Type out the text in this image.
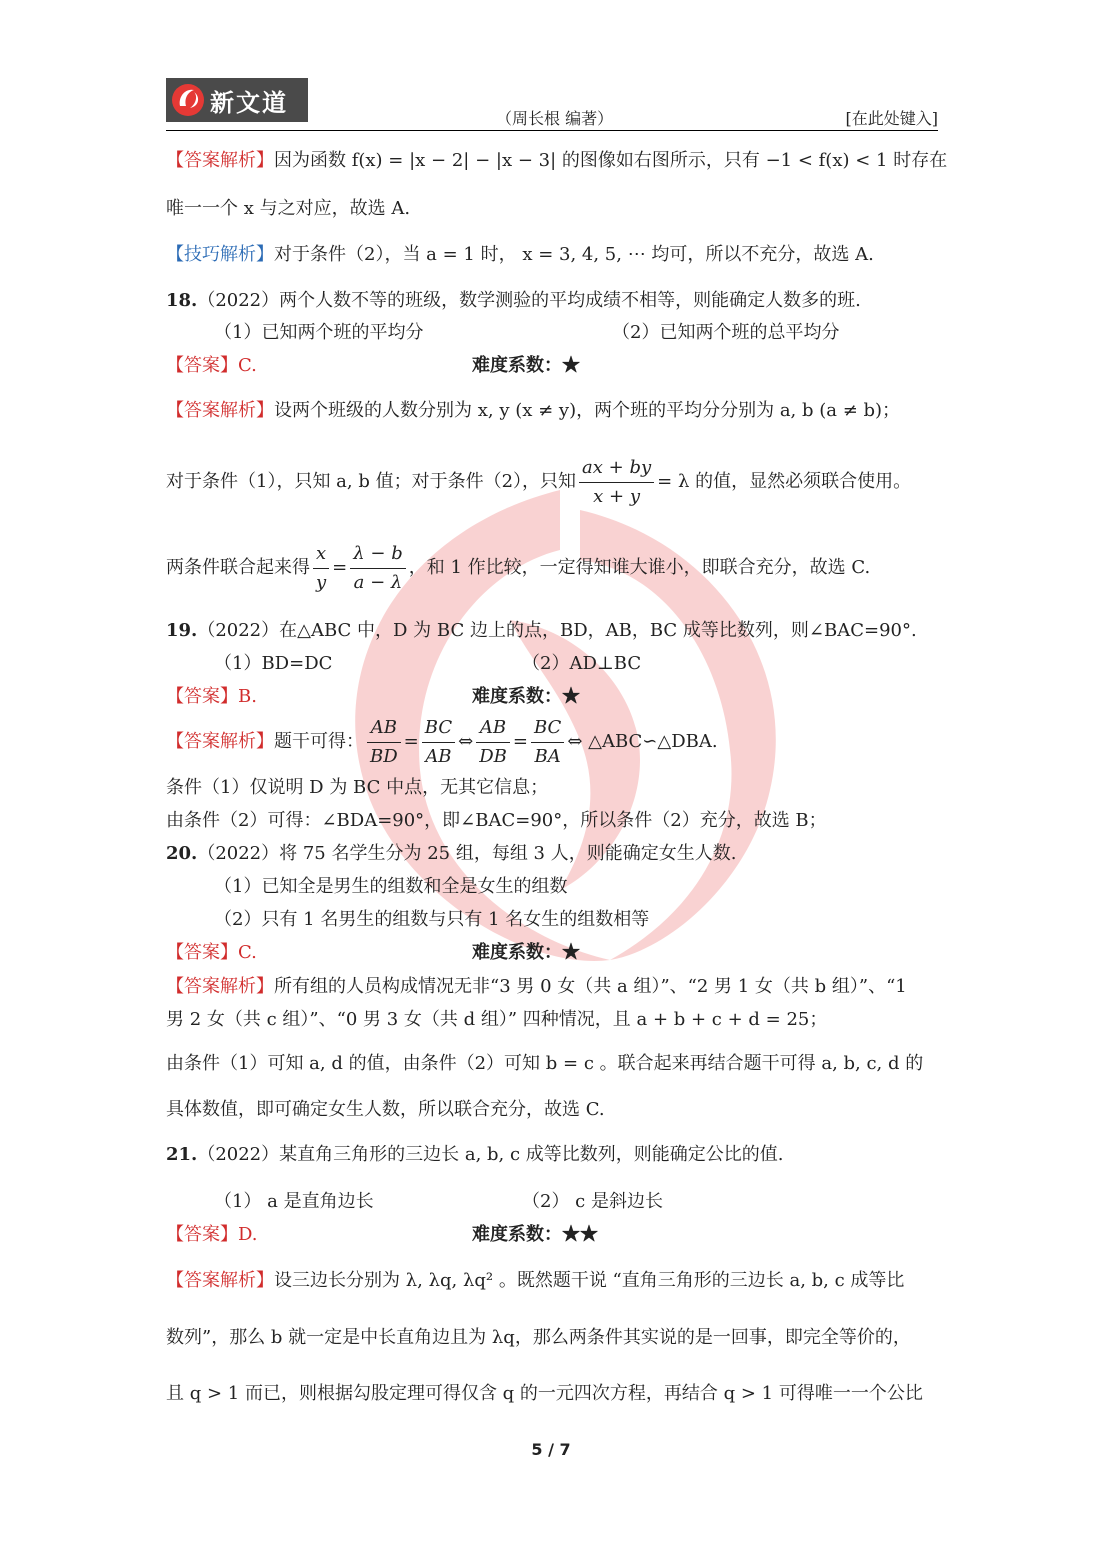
新文道
（周长根 编著）	[在此处键入]
【答案解析】因为函数 f(x) = |x − 2| − |x − 3| 的图像如右图所示，只有 −1 < f(x) < 1 时存在
唯一一个 x 与之对应，故选 A.
【技巧解析】对于条件（2），当 a = 1 时， x = 3, 4, 5, ⋯ 均可，所以不充分，故选 A.
18.（2022）两个人数不等的班级，数学测验的平均成绩不相等，则能确定人数多的班.
（1）已知两个班的平均分	（2）已知两个班的总平均分
【答案】C.	难度系数：★
【答案解析】设两个班级的人数分别为 x, y (x ≠ y)，两个班的平均分分别为 a, b (a ≠ b)；
对于条件（1），只知 a, b 值；对于条件（2），只知 $\frac{ax + by}{x + y} = \lambda$ 的值，显然必须联合使用。
两条件联合起来得 $\frac{x}{y} = \frac{\lambda - b}{a - \lambda}$ ，和 1 作比较，一定得知谁大谁小，即联合充分，故选 C.
19.（2022）在△ABC 中，D 为 BC 边上的点，BD，AB，BC 成等比数列，则∠BAC=90°.
（1）BD=DC	（2）AD⊥BC
【答案】B.	难度系数：★
【答案解析】题干可得： $\frac{AB}{BD} = \frac{BC}{AB}$ ⇔ $\frac{AB}{DB} = \frac{BC}{BA}$ ⇔ △ABC∽△DBA.
条件（1）仅说明 D 为 BC 中点，无其它信息；
由条件（2）可得：∠BDA=90°，即∠BAC=90°，所以条件（2）充分，故选 B；
20.（2022）将 75 名学生分为 25 组，每组 3 人，则能确定女生人数.
（1）已知全是男生的组数和全是女生的组数
（2）只有 1 名男生的组数与只有 1 名女生的组数相等
【答案】C.	难度系数：★
【答案解析】所有组的人员构成情况无非“3 男 0 女（共 a 组）”、“2 男 1 女（共 b 组）”、“1
男 2 女（共 c 组）”、“0 男 3 女（共 d 组）” 四种情况，且 a + b + c + d = 25；
由条件（1）可知 a, d 的值，由条件（2）可知 b = c 。联合起来再结合题干可得 a, b, c, d 的
具体数值，即可确定女生人数，所以联合充分，故选 C.
21.（2022）某直角三角形的三边长 a, b, c 成等比数列，则能确定公比的值.
（1） a 是直角边长	（2） c 是斜边长
【答案】D.	难度系数：★★
【答案解析】设三边长分别为 λ, λq, λq² 。既然题干说 “直角三角形的三边长 a, b, c 成等比
数列”，那么 b 就一定是中长直角边且为 λq，那么两条件其实说的是一回事，即完全等价的，
且 q > 1 而已，则根据勾股定理可得仅含 q 的一元四次方程，再结合 q > 1 可得唯一一个公比
5 / 7
